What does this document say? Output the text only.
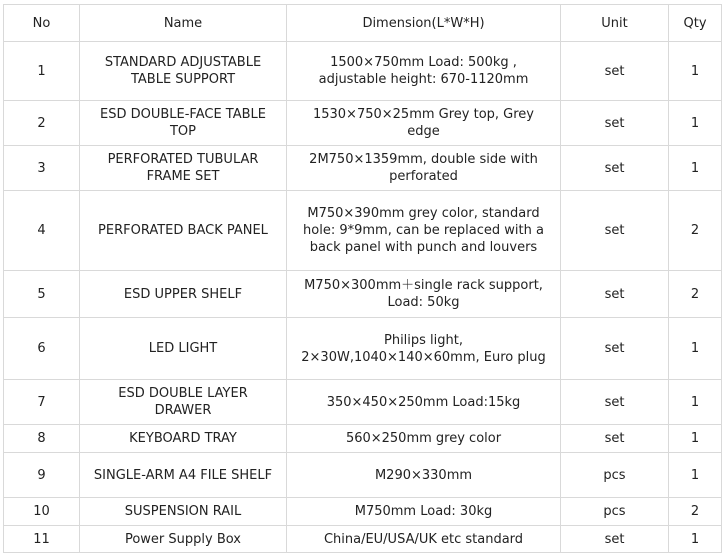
No	Name	Dimension(L*W*H)	Unit	Qty
1	STANDARD ADJUSTABLE TABLE SUPPORT	1500×750mm Load: 500kg , adjustable height: 670-1120mm	set	1
2	ESD DOUBLE-FACE TABLE TOP	1530×750×25mm Grey top, Grey edge	set	1
3	PERFORATED TUBULAR FRAME SET	2M750×1359mm, double side with perforated	set	1
4	PERFORATED BACK PANEL	M750×390mm grey color, standard hole: 9*9mm, can be replaced with a back panel with punch and louvers	set	2
5	ESD UPPER SHELF	M750×300mm＋single rack support, Load: 50kg	set	2
6	LED LIGHT	Philips light, 2×30W,1040×140×60mm, Euro plug	set	1
7	ESD DOUBLE LAYER DRAWER	350×450×250mm Load:15kg	set	1
8	KEYBOARD TRAY	560×250mm grey color	set	1
9	SINGLE-ARM A4 FILE SHELF	M290×330mm	pcs	1
10	SUSPENSION RAIL	M750mm Load: 30kg	pcs	2
11	Power Supply Box	China/EU/USA/UK etc standard	set	1
